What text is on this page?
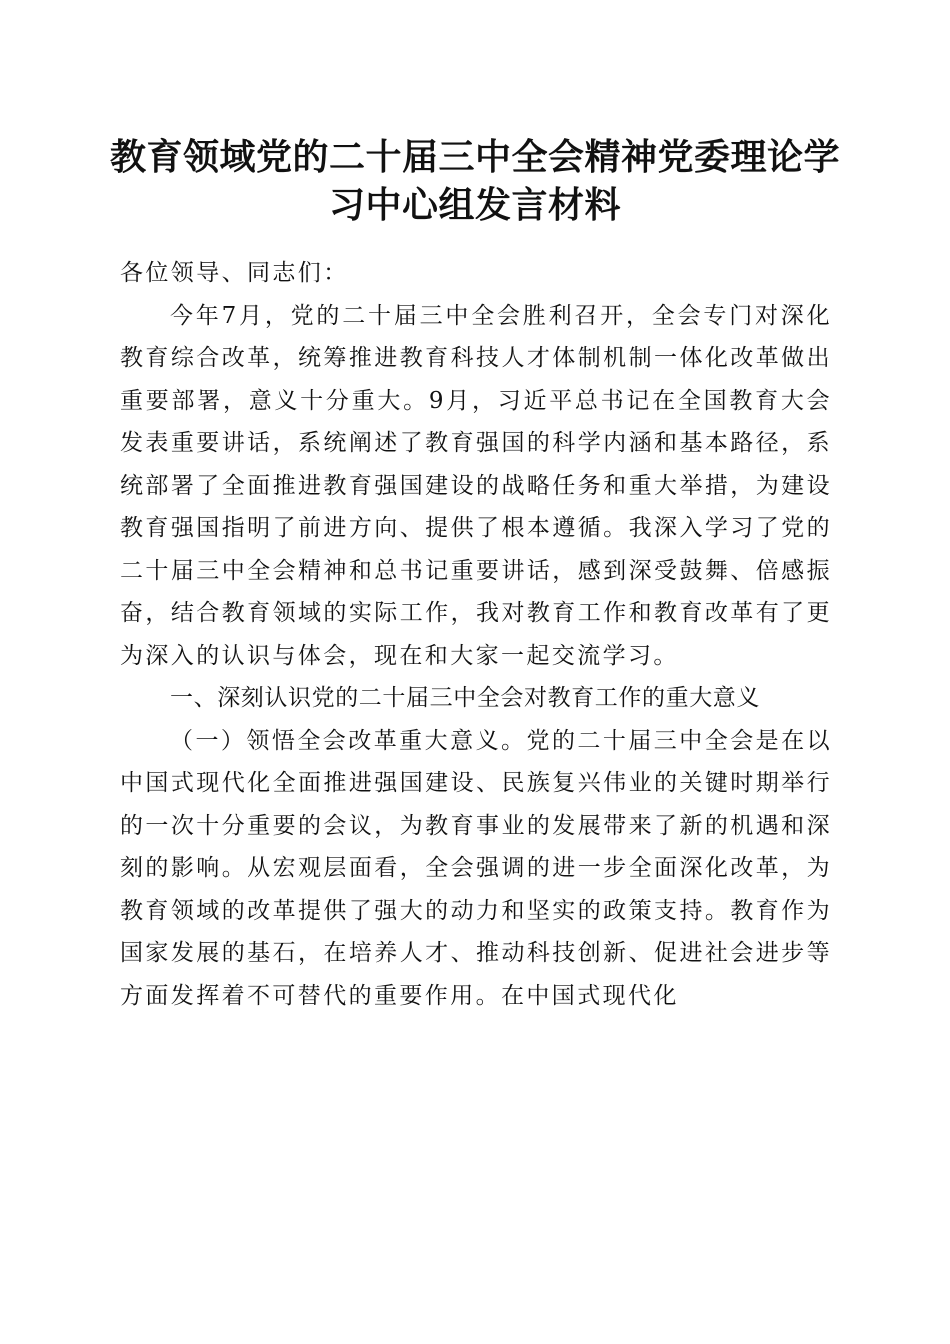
教育领域党的二十届三中全会精神党委理论学
习中心组发言材料

各位领导、同志们：

今年7月，党的二十届三中全会胜利召开，全会专门对深化教育综合改革，统筹推进教育科技人才体制机制一体化改革做出重要部署，意义十分重大。9月，习近平总书记在全国教育大会发表重要讲话，系统阐述了教育强国的科学内涵和基本路径，系统部署了全面推进教育强国建设的战略任务和重大举措，为建设教育强国指明了前进方向、提供了根本遵循。我深入学习了党的二十届三中全会精神和总书记重要讲话，感到深受鼓舞、倍感振奋，结合教育领域的实际工作，我对教育工作和教育改革有了更为深入的认识与体会，现在和大家一起交流学习。

一、深刻认识党的二十届三中全会对教育工作的重大意义

（一）领悟全会改革重大意义。党的二十届三中全会是在以中国式现代化全面推进强国建设、民族复兴伟业的关键时期举行的一次十分重要的会议，为教育事业的发展带来了新的机遇和深刻的影响。从宏观层面看，全会强调的进一步全面深化改革，为教育领域的改革提供了强大的动力和坚实的政策支持。教育作为国家发展的基石，在培养人才、推动科技创新、促进社会进步等方面发挥着不可替代的重要作用。在中国式现代化
